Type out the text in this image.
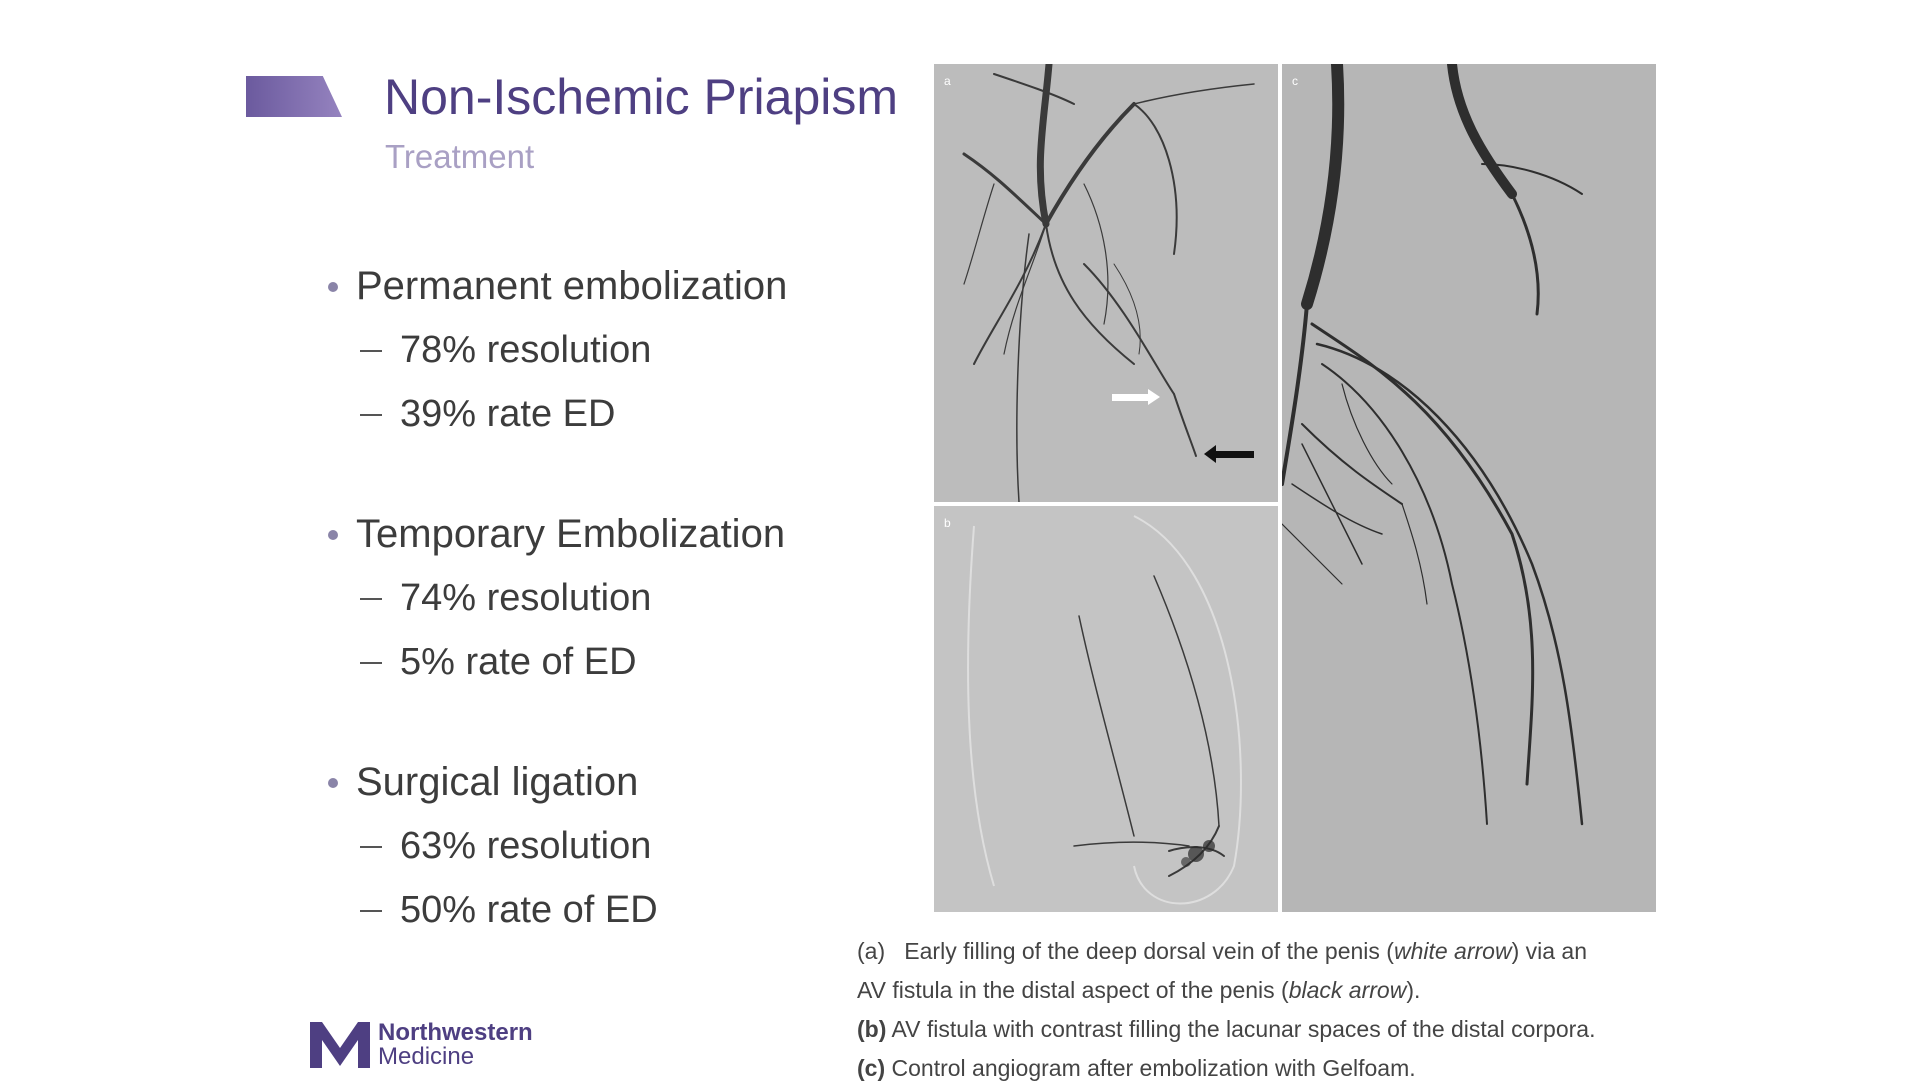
Non-Ischemic Priapism
Treatment
Permanent embolization
78% resolution
39% rate ED
Temporary Embolization
74% resolution
5% rate of ED
Surgical ligation
63% resolution
50% rate of ED
a
b
c

(a) Early filling of the deep dorsal vein of the penis (white arrow) via an

AV fistula in the distal aspect of the penis (black arrow).

(b) AV fistula with contrast filling the lacunar spaces of the distal corpora.

(c) Control angiogram after embolization with Gelfoam.

Northwestern
Medicine
